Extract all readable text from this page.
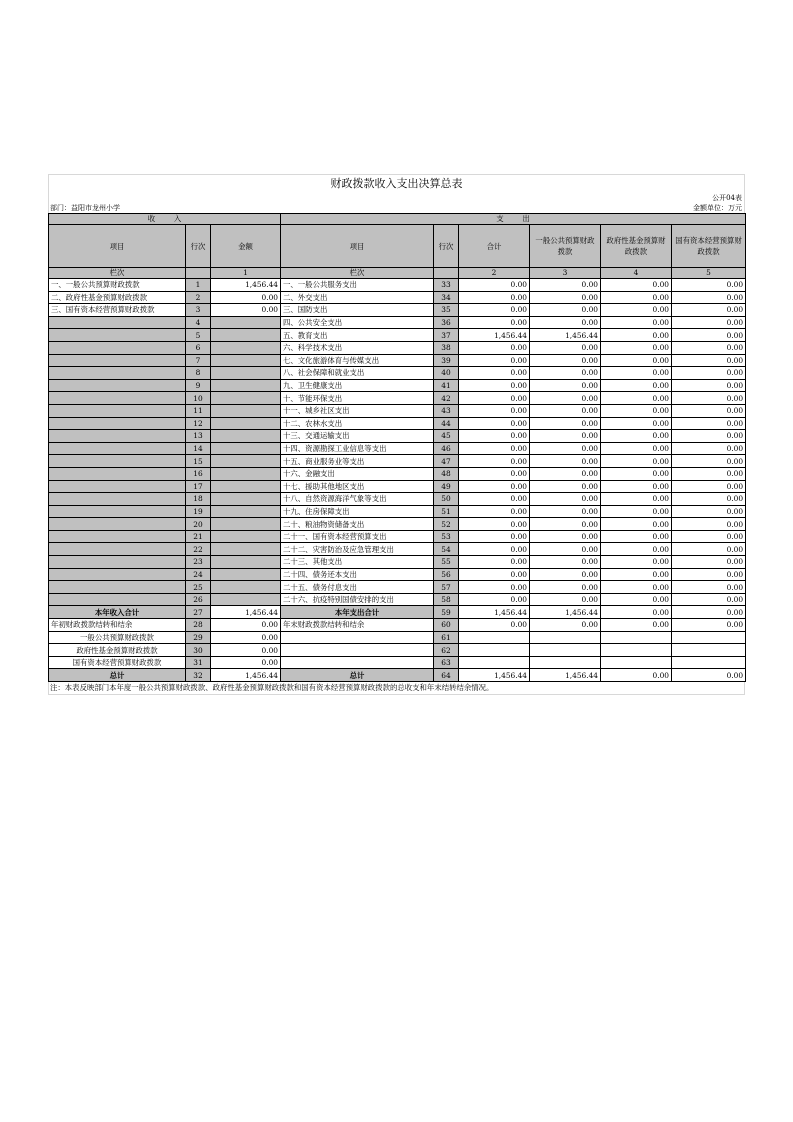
财政拨款收入支出决算总表
公开04表
部门：益阳市龙州小学	金额单位：万元
收        入			支        出					
项目	行次	金额	项目	行次	合计	一般公共预算财政拨款	政府性基金预算财政拨款	国有资本经营预算财政拨款
栏次		1	栏次		2	3	4	5
一、一般公共预算财政拨款	1	1,456.44	一、一般公共服务支出	33	0.00	0.00	0.00	0.00
二、政府性基金预算财政拨款	2	0.00	二、外交支出	34	0.00	0.00	0.00	0.00
三、国有资本经营预算财政拨款	3	0.00	三、国防支出	35	0.00	0.00	0.00	0.00
	4		四、公共安全支出	36	0.00	0.00	0.00	0.00
	5		五、教育支出	37	1,456.44	1,456.44	0.00	0.00
	6		六、科学技术支出	38	0.00	0.00	0.00	0.00
	7		七、文化旅游体育与传媒支出	39	0.00	0.00	0.00	0.00
	8		八、社会保障和就业支出	40	0.00	0.00	0.00	0.00
	9		九、卫生健康支出	41	0.00	0.00	0.00	0.00
	10		十、节能环保支出	42	0.00	0.00	0.00	0.00
	11		十一、城乡社区支出	43	0.00	0.00	0.00	0.00
	12		十二、农林水支出	44	0.00	0.00	0.00	0.00
	13		十三、交通运输支出	45	0.00	0.00	0.00	0.00
	14		十四、资源勘探工业信息等支出	46	0.00	0.00	0.00	0.00
	15		十五、商业服务业等支出	47	0.00	0.00	0.00	0.00
	16		十六、金融支出	48	0.00	0.00	0.00	0.00
	17		十七、援助其他地区支出	49	0.00	0.00	0.00	0.00
	18		十八、自然资源海洋气象等支出	50	0.00	0.00	0.00	0.00
	19		十九、住房保障支出	51	0.00	0.00	0.00	0.00
	20		二十、粮油物资储备支出	52	0.00	0.00	0.00	0.00
	21		二十一、国有资本经营预算支出	53	0.00	0.00	0.00	0.00
	22		二十二、灾害防治及应急管理支出	54	0.00	0.00	0.00	0.00
	23		二十三、其他支出	55	0.00	0.00	0.00	0.00
	24		二十四、债务还本支出	56	0.00	0.00	0.00	0.00
	25		二十五、债务付息支出	57	0.00	0.00	0.00	0.00
	26		二十六、抗疫特别国债安排的支出	58	0.00	0.00	0.00	0.00
本年收入合计	27	1,456.44	本年支出合计	59	1,456.44	1,456.44	0.00	0.00
年初财政拨款结转和结余	28	0.00	年末财政拨款结转和结余	60	0.00	0.00	0.00	0.00
一般公共预算财政拨款	29	0.00		61				
政府性基金预算财政拨款	30	0.00		62				
国有资本经营预算财政拨款	31	0.00		63				
总计	32	1,456.44	总计	64	1,456.44	1,456.44	0.00	0.00
注：本表反映部门本年度一般公共预算财政拨款、政府性基金预算财政拨款和国有资本经营预算财政拨款的总收支和年末结转结余情况。
